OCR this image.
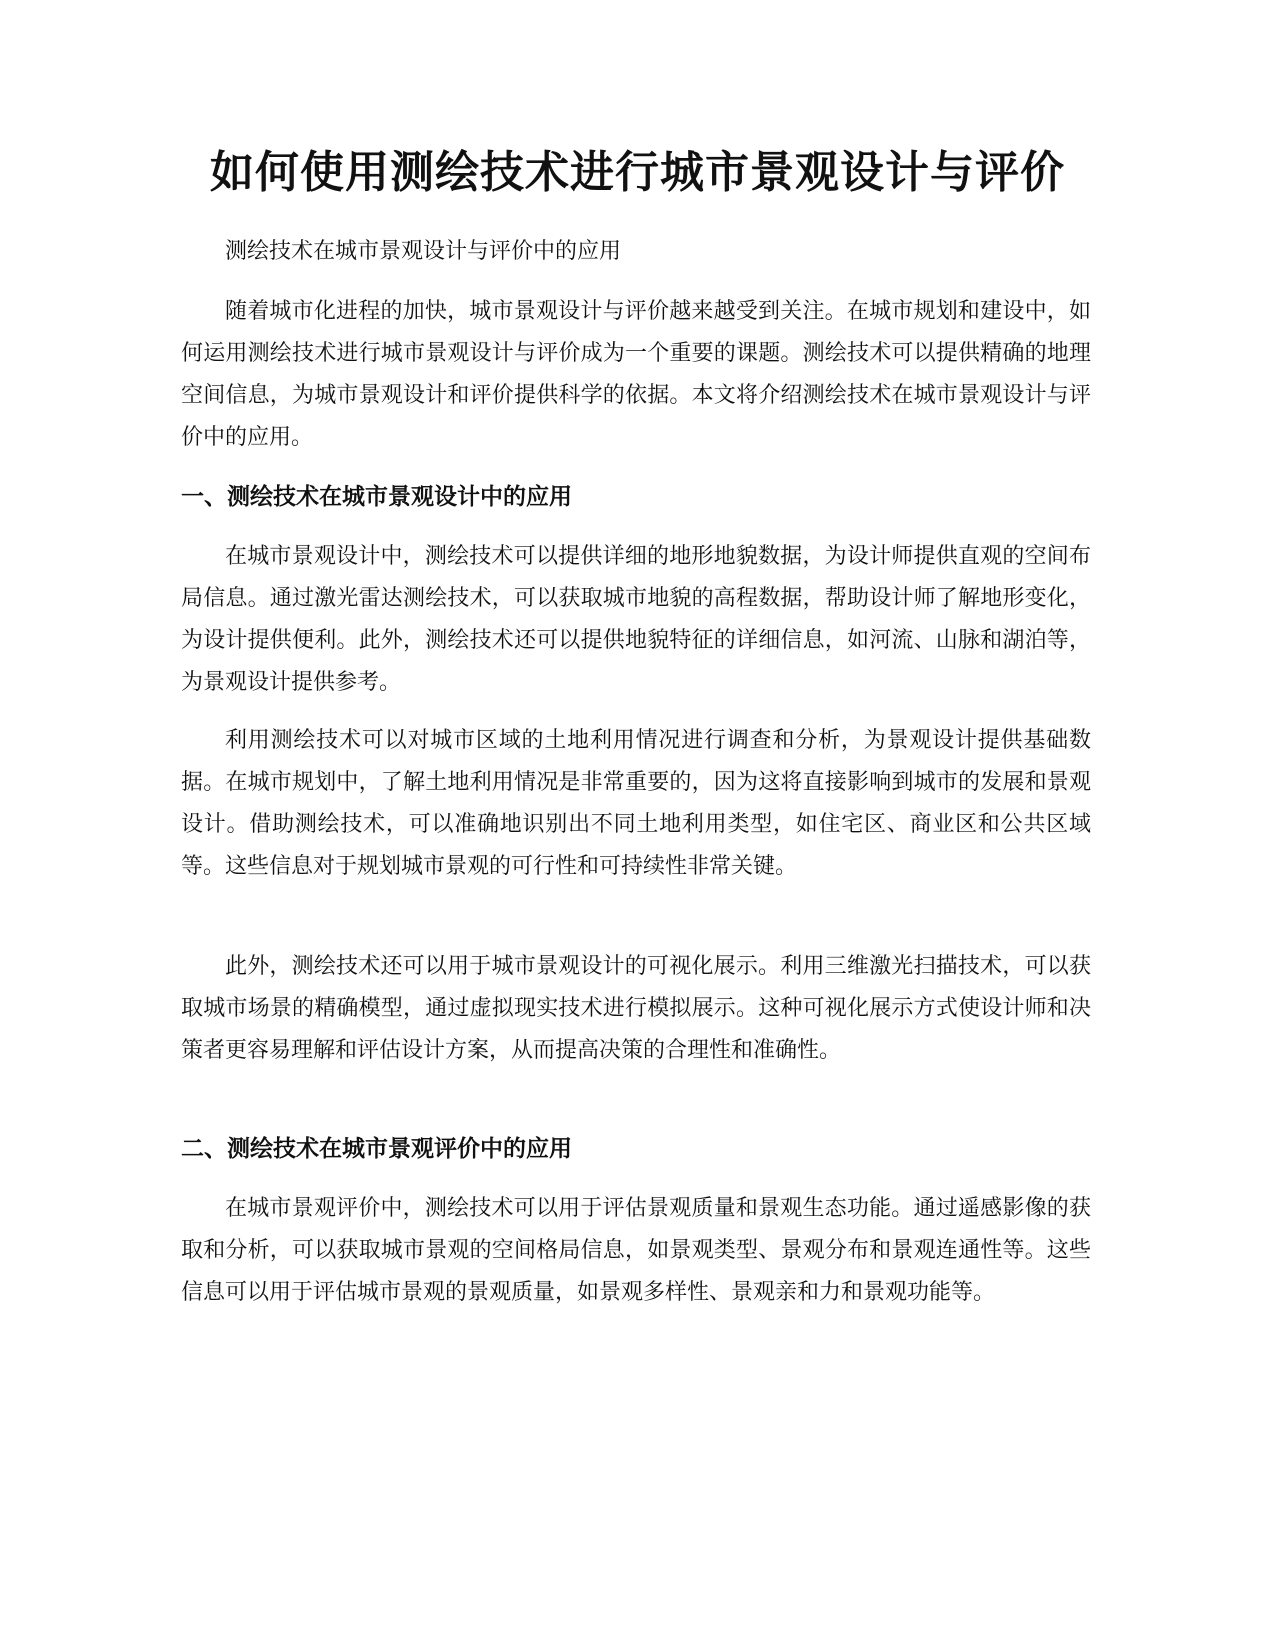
如何使用测绘技术进行城市景观设计与评价

测绘技术在城市景观设计与评价中的应用

随着城市化进程的加快，城市景观设计与评价越来越受到关注。在城市规划和建设中，如何运用测绘技术进行城市景观设计与评价成为一个重要的课题。测绘技术可以提供精确的地理空间信息，为城市景观设计和评价提供科学的依据。本文将介绍测绘技术在城市景观设计与评价中的应用。

一、测绘技术在城市景观设计中的应用

在城市景观设计中，测绘技术可以提供详细的地形地貌数据，为设计师提供直观的空间布局信息。通过激光雷达测绘技术，可以获取城市地貌的高程数据，帮助设计师了解地形变化，为设计提供便利。此外，测绘技术还可以提供地貌特征的详细信息，如河流、山脉和湖泊等，为景观设计提供参考。

利用测绘技术可以对城市区域的土地利用情况进行调查和分析，为景观设计提供基础数据。在城市规划中，了解土地利用情况是非常重要的，因为这将直接影响到城市的发展和景观设计。借助测绘技术，可以准确地识别出不同土地利用类型，如住宅区、商业区和公共区域等。这些信息对于规划城市景观的可行性和可持续性非常关键。

此外，测绘技术还可以用于城市景观设计的可视化展示。利用三维激光扫描技术，可以获取城市场景的精确模型，通过虚拟现实技术进行模拟展示。这种可视化展示方式使设计师和决策者更容易理解和评估设计方案，从而提高决策的合理性和准确性。

二、测绘技术在城市景观评价中的应用

在城市景观评价中，测绘技术可以用于评估景观质量和景观生态功能。通过遥感影像的获取和分析，可以获取城市景观的空间格局信息，如景观类型、景观分布和景观连通性等。这些信息可以用于评估城市景观的景观质量，如景观多样性、景观亲和力和景观功能等。
